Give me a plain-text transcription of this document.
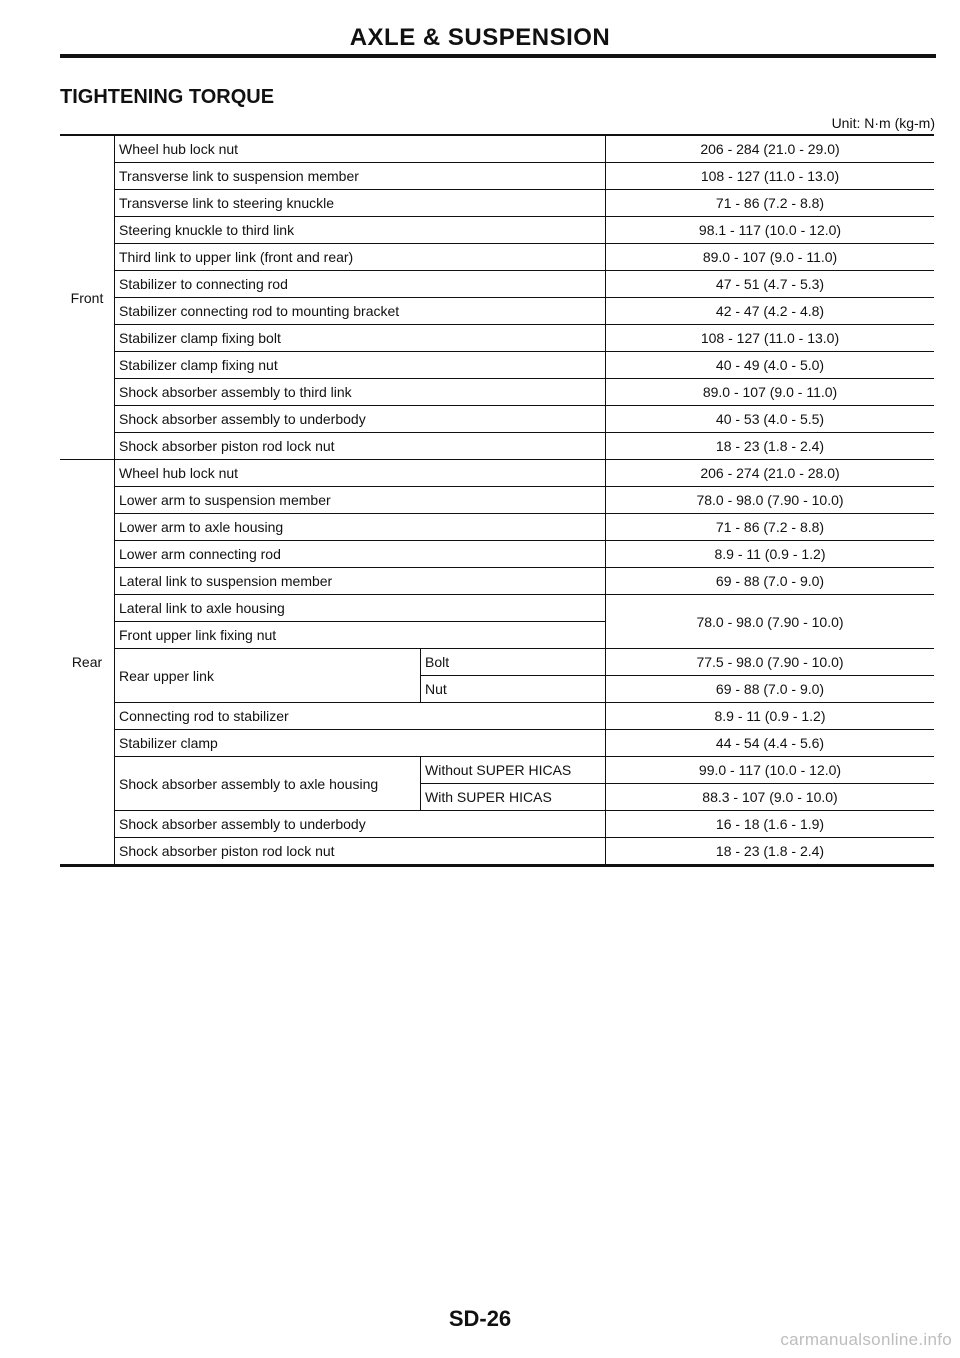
AXLE & SUSPENSION
TIGHTENING TORQUE
Unit: N·m (kg-m)
Front	Wheel hub lock nut		206 - 284 (21.0 - 29.0)
	Transverse link to suspension member		108 - 127 (11.0 - 13.0)
	Transverse link to steering knuckle		71 - 86 (7.2 - 8.8)
	Steering knuckle to third link		98.1 - 117 (10.0 - 12.0)
	Third link to upper link (front and rear)		89.0 - 107 (9.0 - 11.0)
	Stabilizer to connecting rod		47 - 51 (4.7 - 5.3)
	Stabilizer connecting rod to mounting bracket		42 - 47 (4.2 - 4.8)
	Stabilizer clamp fixing bolt		108 - 127 (11.0 - 13.0)
	Stabilizer clamp fixing nut		40 - 49 (4.0 - 5.0)
	Shock absorber assembly to third link		89.0 - 107 (9.0 - 11.0)
	Shock absorber assembly to underbody		40 - 53 (4.0 - 5.5)
	Shock absorber piston rod lock nut		18 - 23 (1.8 - 2.4)
Rear	Wheel hub lock nut		206 - 274 (21.0 - 28.0)
	Lower arm to suspension member		78.0 - 98.0 (7.90 - 10.0)
	Lower arm to axle housing		71 - 86 (7.2 - 8.8)
	Lower arm connecting rod		8.9 - 11 (0.9 - 1.2)
	Lateral link to suspension member		69 - 88 (7.0 - 9.0)
	Lateral link to axle housing		78.0 - 98.0 (7.90 - 10.0)
	Front upper link fixing nut		
	Rear upper link	Bolt	77.5 - 98.0 (7.90 - 10.0)
		Nut	69 - 88 (7.0 - 9.0)
	Connecting rod to stabilizer		8.9 - 11 (0.9 - 1.2)
	Stabilizer clamp		44 - 54 (4.4 - 5.6)
	Shock absorber assembly to axle housing	Without SUPER HICAS	99.0 - 117 (10.0 - 12.0)
		With SUPER HICAS	88.3 - 107 (9.0 - 10.0)
	Shock absorber assembly to underbody		16 - 18 (1.6 - 1.9)
	Shock absorber piston rod lock nut		18 - 23 (1.8 - 2.4)
SD-26
carmanualsonline.info
